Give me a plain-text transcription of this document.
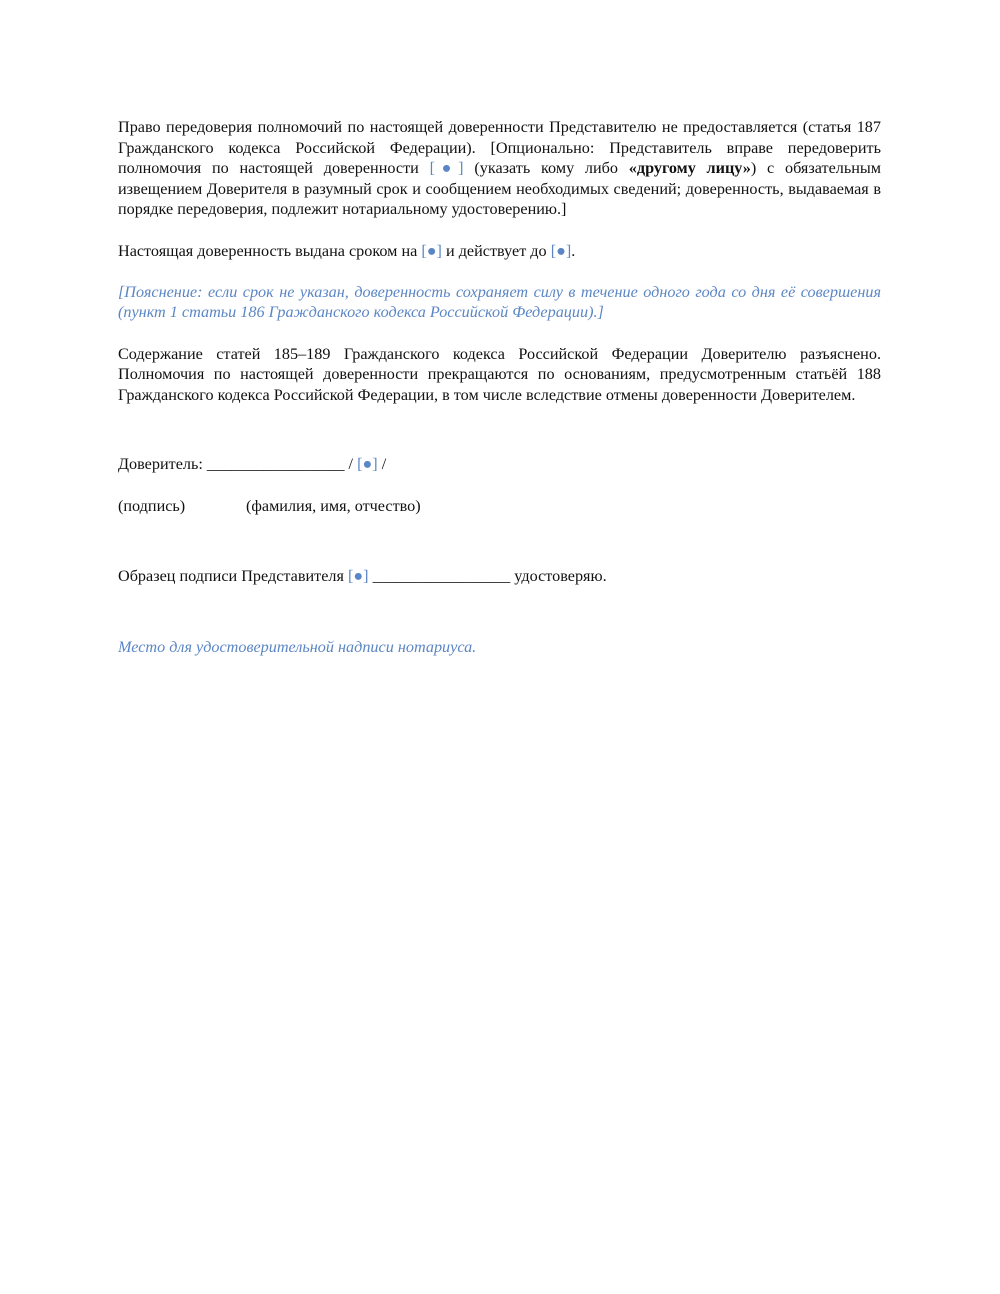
Право передоверия полномочий по настоящей доверенности Представителю не предоставляется (статья 187 Гражданского кодекса Российской Федерации). [Опционально: Представитель вправе передоверить полномочия по настоящей доверенности [●] (указать кому либо «другому лицу») с обязательным извещением Доверителя в разумный срок и сообщением необходимых сведений; доверенность, выдаваемая в порядке передоверия, подлежит нотариальному удостоверению.]

Настоящая доверенность выдана сроком на [●] и действует до [●].

[Пояснение: если срок не указан, доверенность сохраняет силу в течение одного года со дня её совершения (пункт 1 статьи 186 Гражданского кодекса Российской Федерации).]

Содержание статей 185–189 Гражданского кодекса Российской Федерации Доверителю разъяснено. Полномочия по настоящей доверенности прекращаются по основаниям, предусмотренным статьёй 188 Гражданского кодекса Российской Федерации, в том числе вследствие отмены доверенности Доверителем.

Доверитель: _________________ / [●] /

(подпись)	(фамилия, имя, отчество)

Образец подписи Представителя [●] _________________ удостоверяю.

Место для удостоверительной надписи нотариуса.
